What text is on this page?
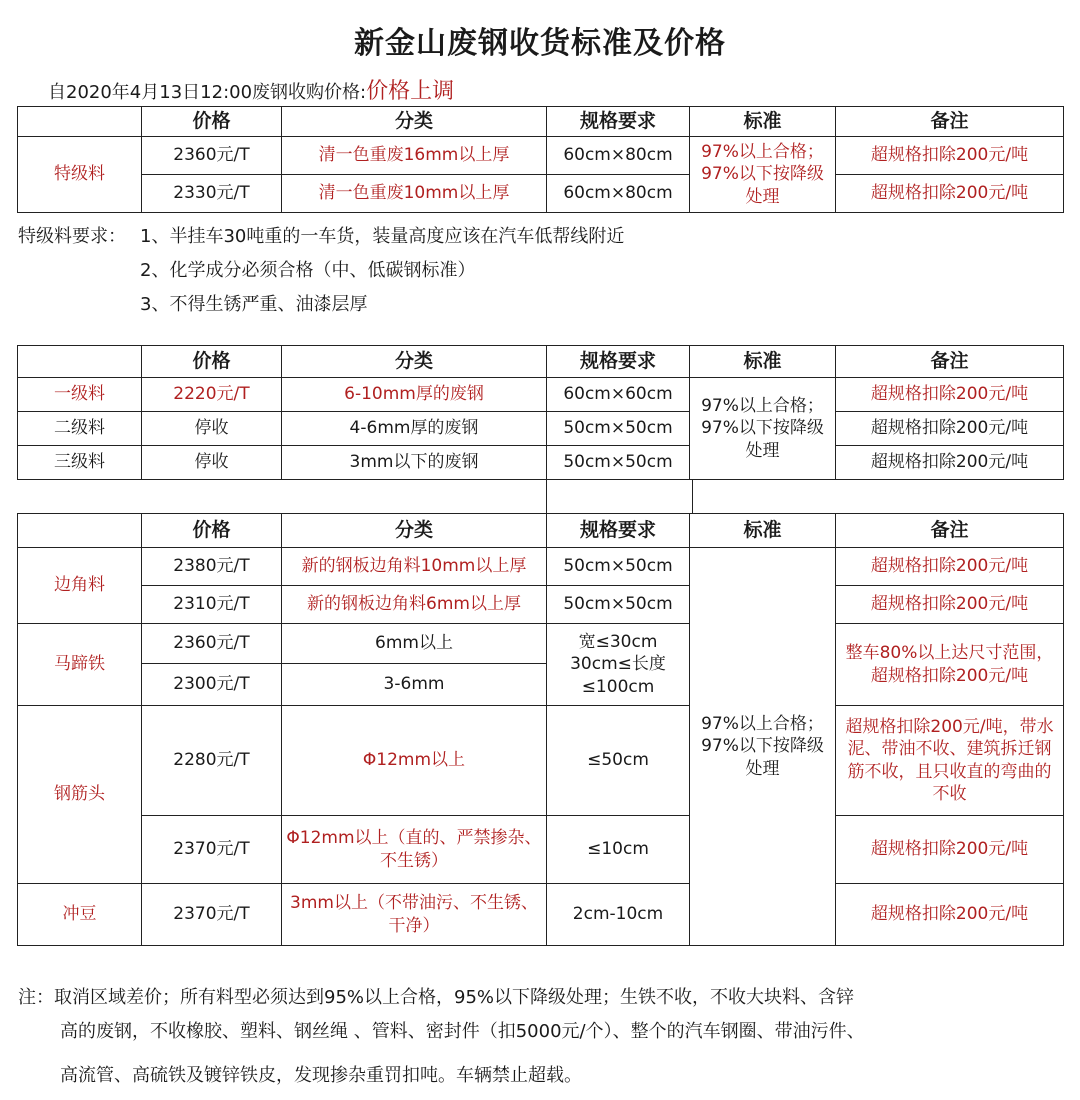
新金山废钢收货标准及价格
自2020年4月13日12:00废钢收购价格:价格上调
	价格	分类	规格要求	标准	备注
特级料	2360元/T	清一色重废16mm以上厚	60cm×80cm	97%以上合格；97%以下按降级处理	超规格扣除200元/吨
	2330元/T	清一色重废10mm以上厚	60cm×80cm		超规格扣除200元/吨
特级料要求： 1、半挂车30吨重的一车货，装量高度应该在汽车低帮线附近
2、化学成分必须合格（中、低碳钢标准）
3、不得生锈严重、油漆层厚
	价格	分类	规格要求	标准	备注
一级料	2220元/T	6-10mm厚的废钢	60cm×60cm	97%以上合格；97%以下按降级处理	超规格扣除200元/吨
二级料	停收	4-6mm厚的废钢	50cm×50cm		超规格扣除200元/吨
三级料	停收	3mm以下的废钢	50cm×50cm		超规格扣除200元/吨
	价格	分类	规格要求	标准	备注
边角料	2380元/T	新的钢板边角料10mm以上厚	50cm×50cm	97%以上合格；97%以下按降级处理	超规格扣除200元/吨
	2310元/T	新的钢板边角料6mm以上厚	50cm×50cm		超规格扣除200元/吨
马蹄铁	2360元/T	6mm以上	宽≤30cm 30cm≤长度≤100cm		整车80%以上达尺寸范围，超规格扣除200元/吨
	2300元/T	3-6mm			
钢筋头	2280元/T	Φ12mm以上	≤50cm		超规格扣除200元/吨，带水泥、带油不收、建筑拆迁钢筋不收，且只收直的弯曲的不收
	2370元/T	Φ12mm以上（直的、严禁掺杂、不生锈）	≤10cm		超规格扣除200元/吨
冲豆	2370元/T	3mm以上（不带油污、不生锈、干净）	2cm-10cm		超规格扣除200元/吨
注：取消区域差价；所有料型必须达到95%以上合格，95%以下降级处理；生铁不收，不收大块料、含锌
高的废钢，不收橡胶、塑料、钢丝绳 、管料、密封件（扣5000元/个）、整个的汽车钢圈、带油污件、
高流管、高硫铁及镀锌铁皮，发现掺杂重罚扣吨。车辆禁止超载。
